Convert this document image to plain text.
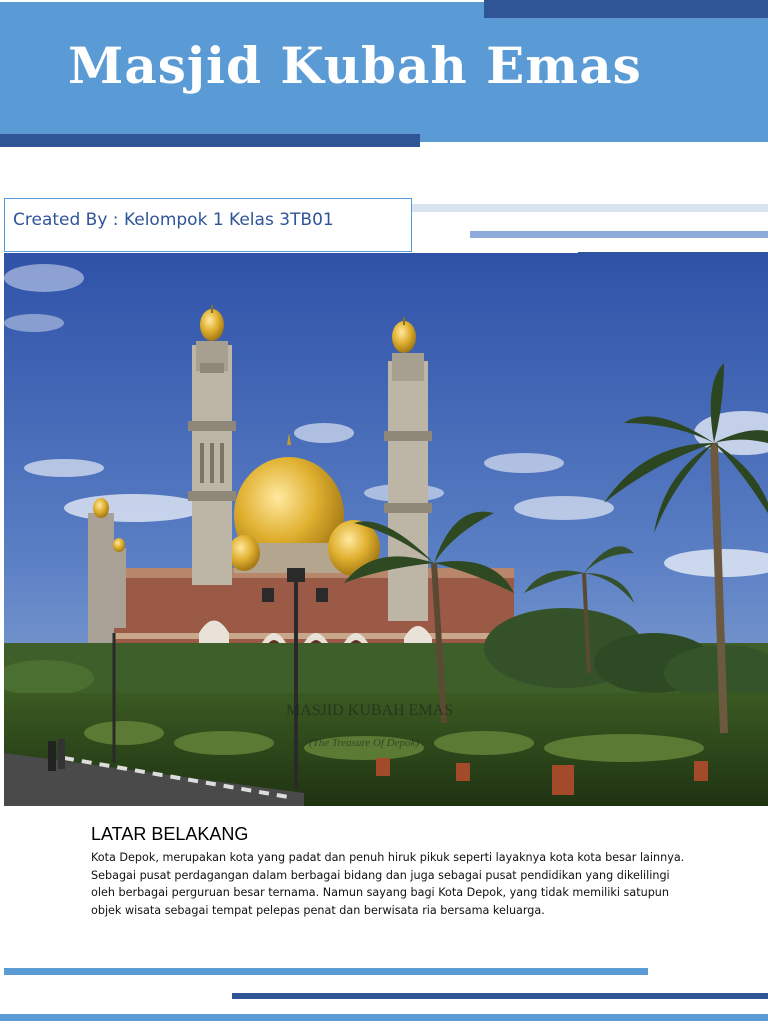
Masjid Kubah Emas
Created By : Kelompok 1 Kelas 3TB01
MASJID KUBAH EMAS
(The Treasure Of Depok)
LATAR BELAKANG
Kota Depok, merupakan kota yang padat dan penuh hiruk pikuk seperti layaknya kota kota besar lainnya. Sebagai pusat perdagangan dalam berbagai bidang dan juga sebagai pusat pendidikan yang dikelilingi oleh berbagai perguruan besar ternama. Namun sayang bagi Kota Depok, yang tidak memiliki satupun objek wisata sebagai tempat pelepas penat dan berwisata ria bersama keluarga.
